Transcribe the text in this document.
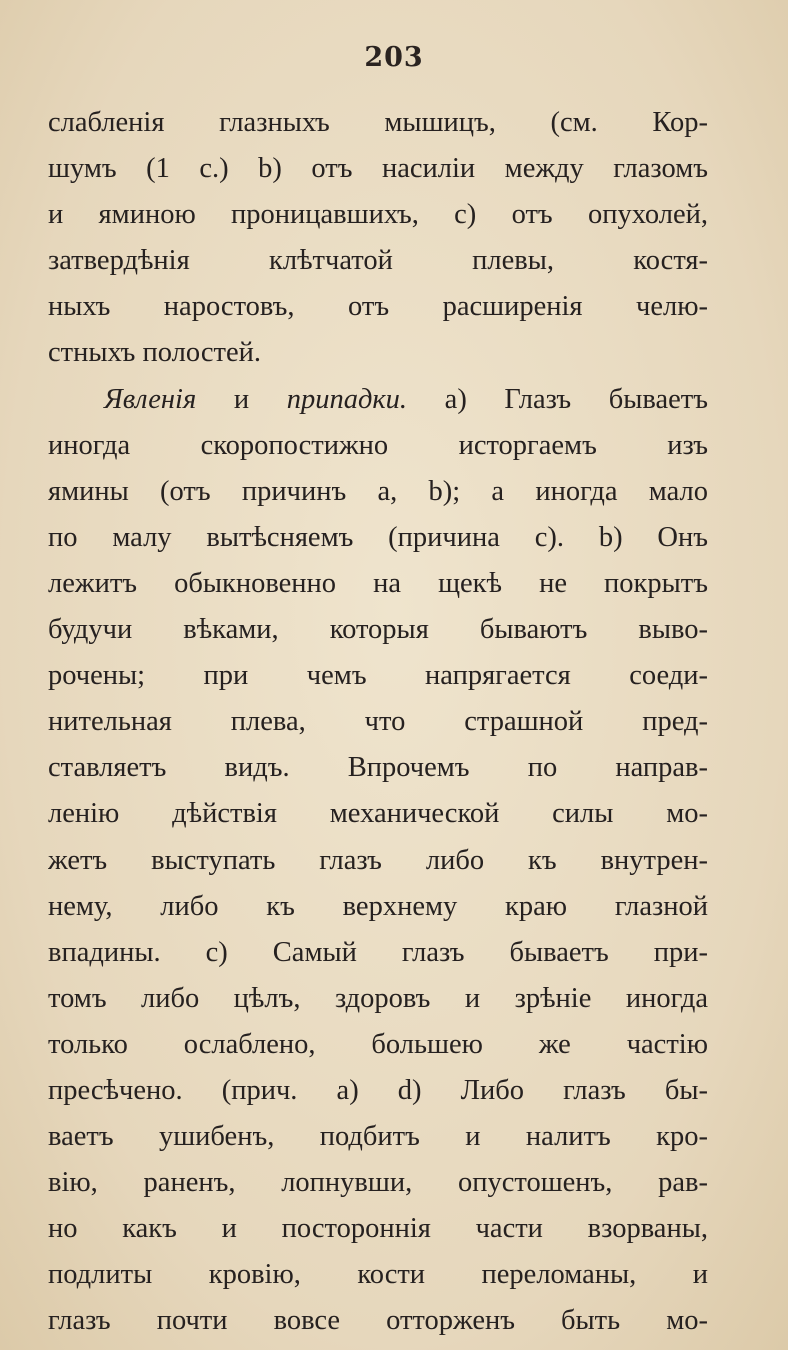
203
слабленія глазныхъ мышицъ, (см. Кор-
шумъ (1 с.) b) отъ насиліи между глазомъ
и яминою проницавшихъ, c) отъ опухолей,
затвердѣнія клѣтчатой плевы, костя-
ныхъ наростовъ, отъ расширенія челю-
стныхъ полостей.
Явленія и припадки. a) Глазъ бываетъ
иногда скоропостижно исторгаемъ изъ
ямины (отъ причинъ a, b); а иногда мало
по малу вытѣсняемъ (причина c). b) Онъ
лежитъ обыкновенно на щекѣ не покрытъ
будучи вѣками, которыя бываютъ выво-
рочены; при чемъ напрягается соеди-
нительная плева, что страшной пред-
ставляетъ видъ. Впрочемъ по направ-
ленію дѣйствія механической силы мо-
жетъ выступать глазъ либо къ внутрен-
нему, либо къ верхнему краю глазной
впадины. c) Самый глазъ бываетъ при-
томъ либо цѣлъ, здоровъ и зрѣніе иногда
только ослаблено, большею же частію
пресѣчено. (прич. a) d) Либо глазъ бы-
ваетъ ушибенъ, подбитъ и налитъ кро-
вію, раненъ, лопнувши, опустошенъ, рав-
но какъ и постороннія части взорваны,
подлиты кровію, кости переломаны, и
глазъ почти вовсе отторженъ быть мо-
